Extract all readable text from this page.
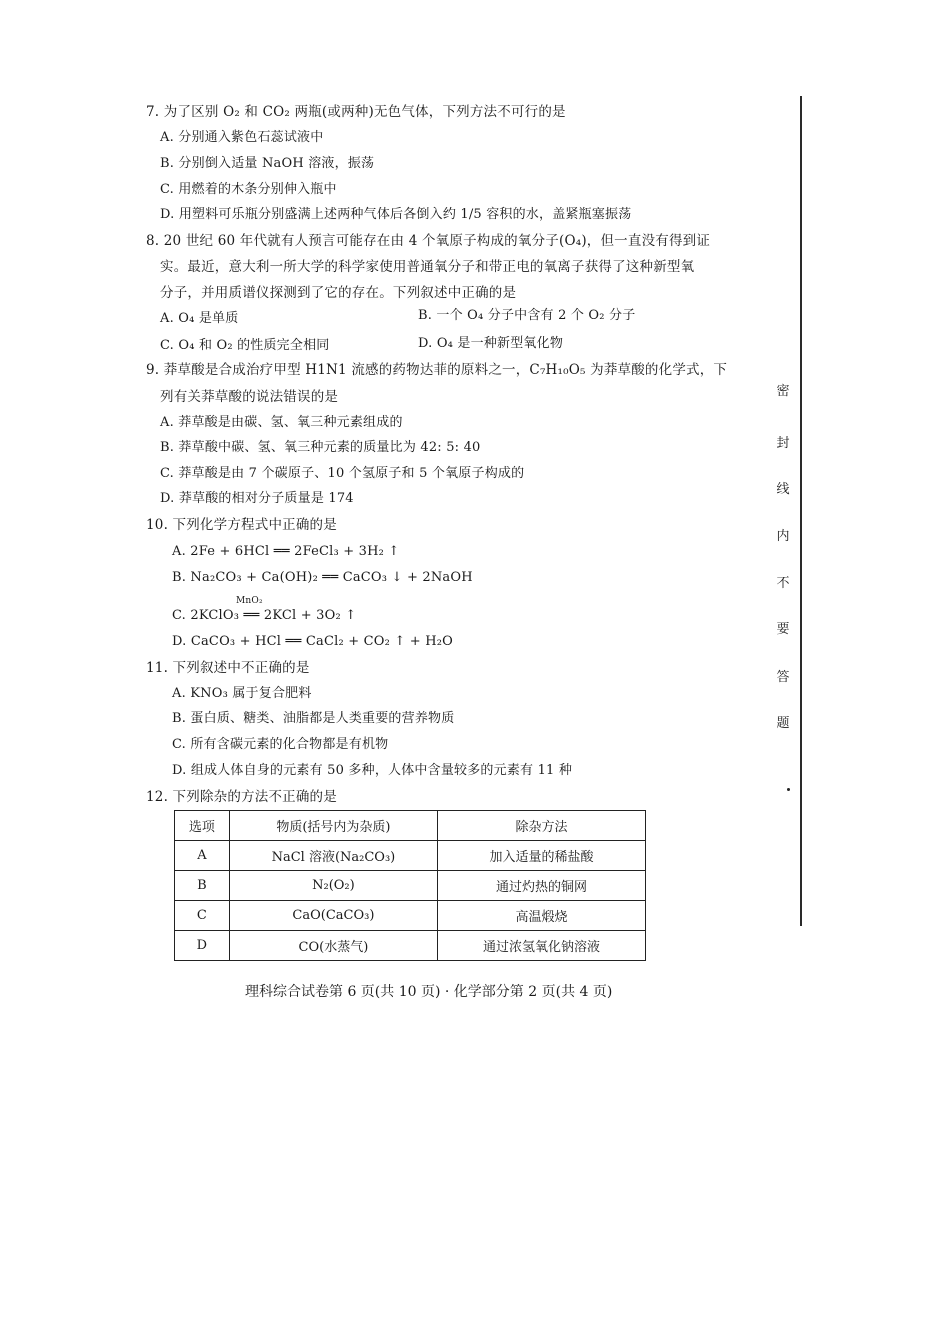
7. 为了区别 O₂ 和 CO₂ 两瓶(或两种)无色气体，下列方法不可行的是
A. 分别通入紫色石蕊试液中
B. 分别倒入适量 NaOH 溶液，振荡
C. 用燃着的木条分别伸入瓶中
D. 用塑料可乐瓶分别盛满上述两种气体后各倒入约 1/5 容积的水，盖紧瓶塞振荡
8. 20 世纪 60 年代就有人预言可能存在由 4 个氧原子构成的氧分子(O₄)，但一直没有得到证
实。最近，意大利一所大学的科学家使用普通氧分子和带正电的氧离子获得了这种新型氧
分子，并用质谱仪探测到了它的存在。下列叙述中正确的是
A. O₄ 是单质	B. 一个 O₄ 分子中含有 2 个 O₂ 分子
C. O₄ 和 O₂ 的性质完全相同	D. O₄ 是一种新型氧化物
9. 莽草酸是合成治疗甲型 H1N1 流感的药物达菲的原料之一，C₇H₁₀O₅ 为莽草酸的化学式，下
列有关莽草酸的说法错误的是
A. 莽草酸是由碳、氢、氧三种元素组成的
B. 莽草酸中碳、氢、氧三种元素的质量比为 42: 5: 40
C. 莽草酸是由 7 个碳原子、10 个氢原子和 5 个氧原子构成的
D. 莽草酸的相对分子质量是 174
10. 下列化学方程式中正确的是
A. 2Fe + 6HCl ══ 2FeCl₃ + 3H₂ ↑
B. Na₂CO₃ + Ca(OH)₂ ══ CaCO₃ ↓ + 2NaOH
MnO₂
C. 2KClO₃ ══ 2KCl + 3O₂ ↑
D. CaCO₃ + HCl ══ CaCl₂ + CO₂ ↑ + H₂O
11. 下列叙述中不正确的是
A. KNO₃ 属于复合肥料
B. 蛋白质、糖类、油脂都是人类重要的营养物质
C. 所有含碳元素的化合物都是有机物
D. 组成人体自身的元素有 50 多种，人体中含量较多的元素有 11 种
12. 下列除杂的方法不正确的是
选项	物质(括号内为杂质)	除杂方法
A	NaCl 溶液(Na₂CO₃)	加入适量的稀盐酸
B	N₂(O₂)	通过灼热的铜网
C	CaO(CaCO₃)	高温煅烧
D	CO(水蒸气)	通过浓氢氧化钠溶液
理科综合试卷第 6 页(共 10 页) · 化学部分第 2 页(共 4 页)
密
封
线
内
不
要
答
题
